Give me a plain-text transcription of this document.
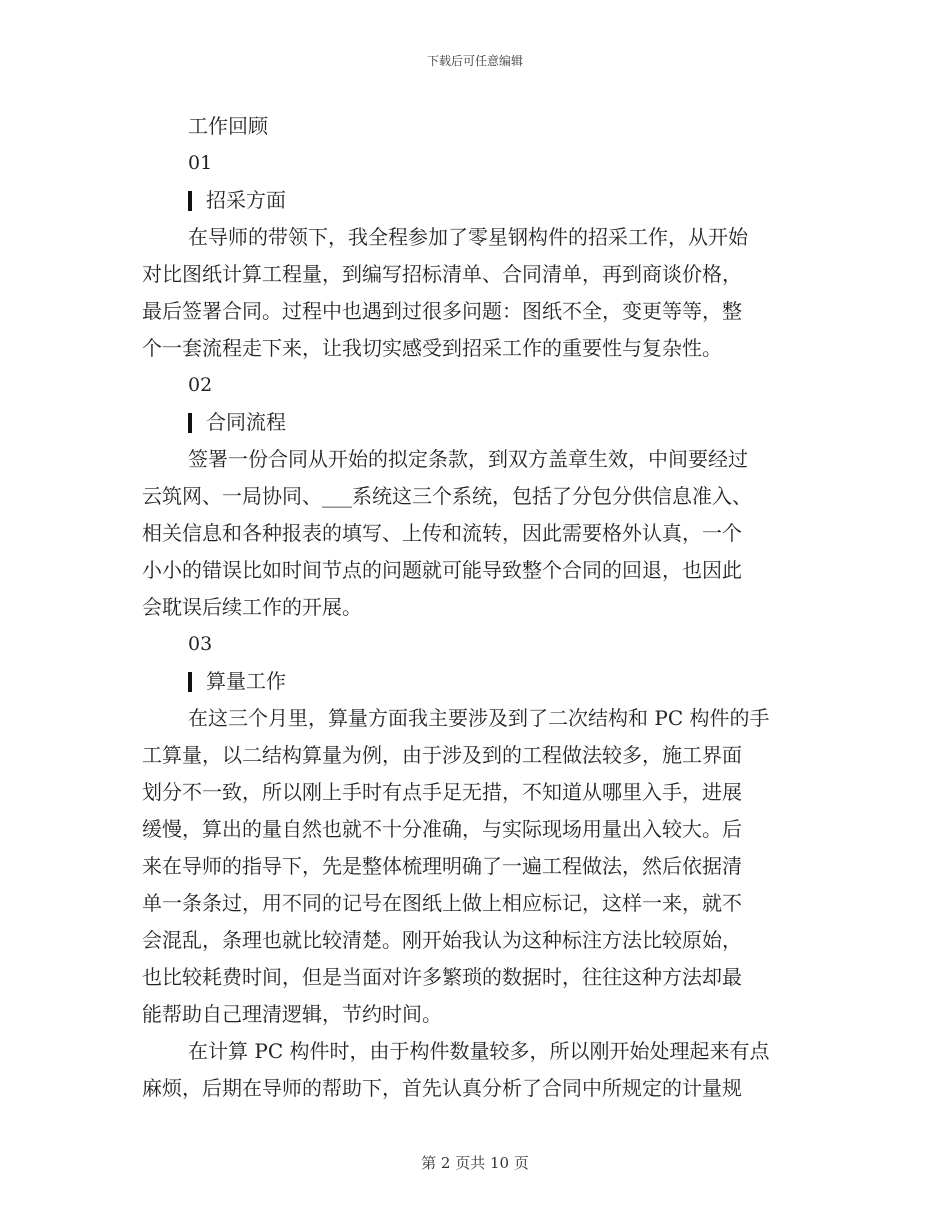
下载后可任意编辑
工作回顾
01
招采方面
在导师的带领下，我全程参加了零星钢构件的招采工作，从开始
对比图纸计算工程量，到编写招标清单、合同清单，再到商谈价格，
最后签署合同。过程中也遇到过很多问题：图纸不全，变更等等，整
个一套流程走下来，让我切实感受到招采工作的重要性与复杂性。
02
合同流程
签署一份合同从开始的拟定条款，到双方盖章生效，中间要经过
云筑网、一局协同、___系统这三个系统，包括了分包分供信息准入、
相关信息和各种报表的填写、上传和流转，因此需要格外认真，一个
小小的错误比如时间节点的问题就可能导致整个合同的回退，也因此
会耽误后续工作的开展。
03
算量工作
在这三个月里，算量方面我主要涉及到了二次结构和 PC 构件的手
工算量，以二结构算量为例，由于涉及到的工程做法较多，施工界面
划分不一致，所以刚上手时有点手足无措，不知道从哪里入手，进展
缓慢，算出的量自然也就不十分准确，与实际现场用量出入较大。后
来在导师的指导下，先是整体梳理明确了一遍工程做法，然后依据清
单一条条过，用不同的记号在图纸上做上相应标记，这样一来，就不
会混乱，条理也就比较清楚。刚开始我认为这种标注方法比较原始，
也比较耗费时间，但是当面对许多繁琐的数据时，往往这种方法却最
能帮助自己理清逻辑，节约时间。
在计算 PC 构件时，由于构件数量较多，所以刚开始处理起来有点
麻烦，后期在导师的帮助下，首先认真分析了合同中所规定的计量规
第 2 页共 10 页
